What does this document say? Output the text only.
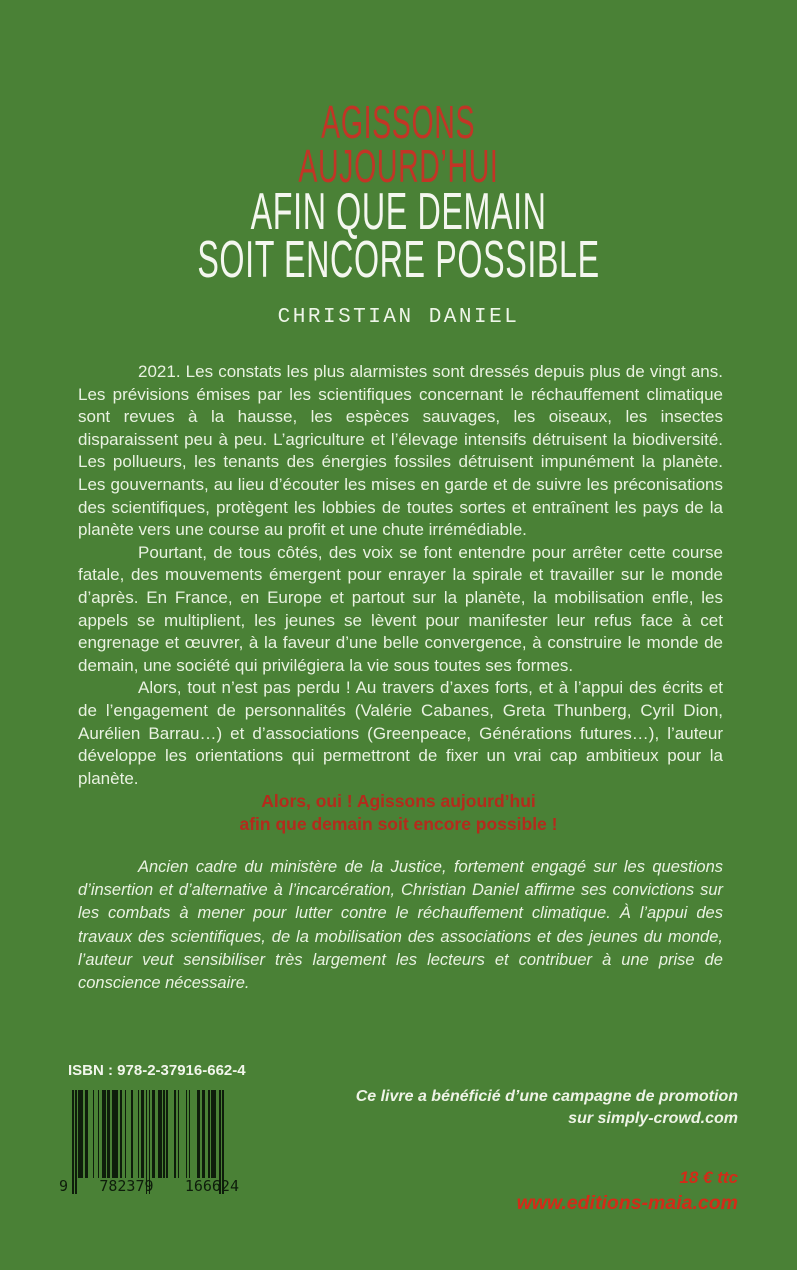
AGISSONS
AUJOURD’HUI
AFIN QUE DEMAIN
SOIT ENCORE POSSIBLE
CHRISTIAN DANIEL

2021. Les constats les plus alarmistes sont dressés depuis plus de vingt ans. Les prévisions émises par les scientifiques concernant le réchauffement climatique sont revues à la hausse, les espèces sauvages, les oiseaux, les insectes disparaissent peu à peu. L’agriculture et l’élevage intensifs détruisent la biodiversité. Les pollueurs, les tenants des énergies fossiles détruisent impunément la planète. Les gouvernants, au lieu d’écouter les mises en garde et de suivre les préconisations des scientifiques, protègent les lobbies de toutes sortes et entraînent les pays de la planète vers une course au profit et une chute irrémédiable.

Pourtant, de tous côtés, des voix se font entendre pour arrêter cette course fatale, des mouvements émergent pour enrayer la spirale et travailler sur le monde d’après. En France, en Europe et partout sur la planète, la mobilisation enfle, les appels se multiplient, les jeunes se lèvent pour manifester leur refus face à cet engrenage et œuvrer, à la faveur d’une belle convergence, à construire le monde de demain, une société qui privilégiera la vie sous toutes ses formes.

Alors, tout n’est pas perdu ! Au travers d’axes forts, et à l’appui des écrits et de l’engagement de personnalités (Valérie Cabanes, Greta Thunberg, Cyril Dion, Aurélien Barrau…) et d’associations (Greenpeace, Générations futures…), l’auteur développe les orientations qui permettront de fixer un vrai cap ambitieux pour la planète.

Alors, oui ! Agissons aujourd’hui
afin que demain soit encore possible !

Ancien cadre du ministère de la Justice, fortement engagé sur les questions d’insertion et d’alternative à l’incarcération, Christian Daniel affirme ses convictions sur les combats à mener pour lutter contre le réchauffement climatique. À l’appui des travaux des scientifiques, de la mobilisation des associations et des jeunes du monde, l’auteur veut sensibiliser très largement les lecteurs et contribuer à une prise de conscience nécessaire.

ISBN : 978-2-37916-662-4
9 782379 166624
Ce livre a bénéficié d’une campagne de promotion
sur simply-crowd.com
18 € ttc
www.editions-maia.com
